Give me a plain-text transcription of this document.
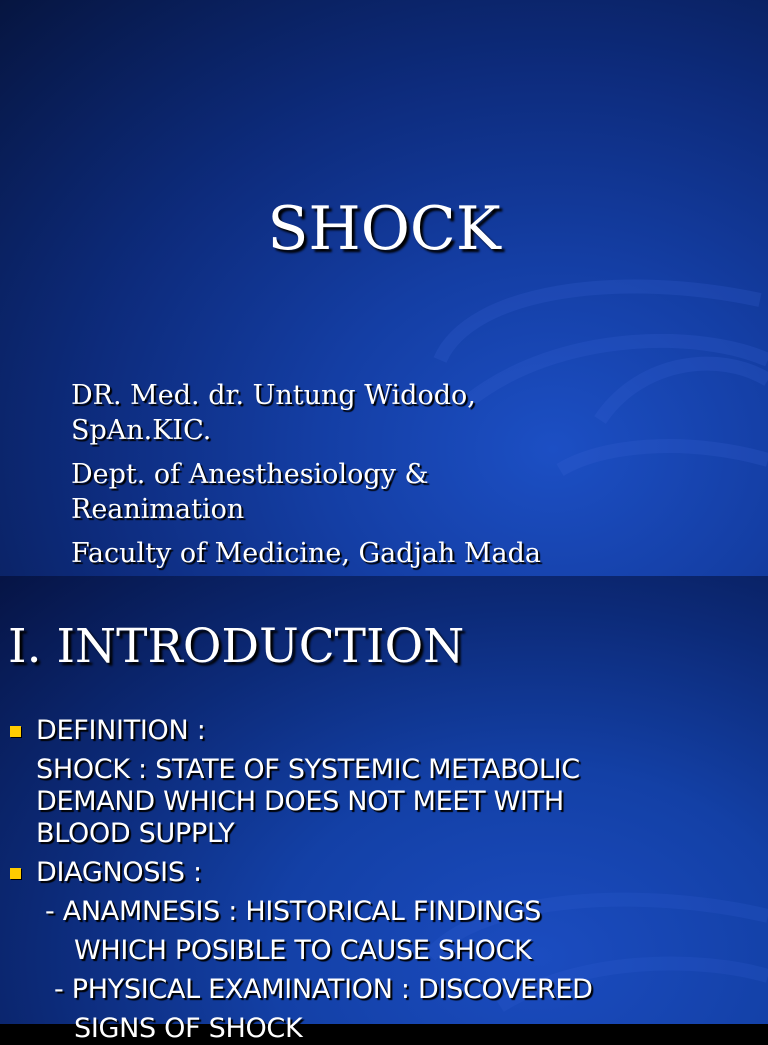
SHOCK

DR. Med. dr. Untung Widodo,
SpAn.KIC.

Dept. of Anesthesiology &
Reanimation

Faculty of Medicine, Gadjah Mada

I. INTRODUCTION
DEFINITION :
SHOCK : STATE OF SYSTEMIC METABOLIC
DEMAND WHICH DOES NOT MEET WITH
BLOOD SUPPLY
DIAGNOSIS :
- ANAMNESIS : HISTORICAL FINDINGS
WHICH POSIBLE TO CAUSE SHOCK
- PHYSICAL EXAMINATION : DISCOVERED
SIGNS OF SHOCK
